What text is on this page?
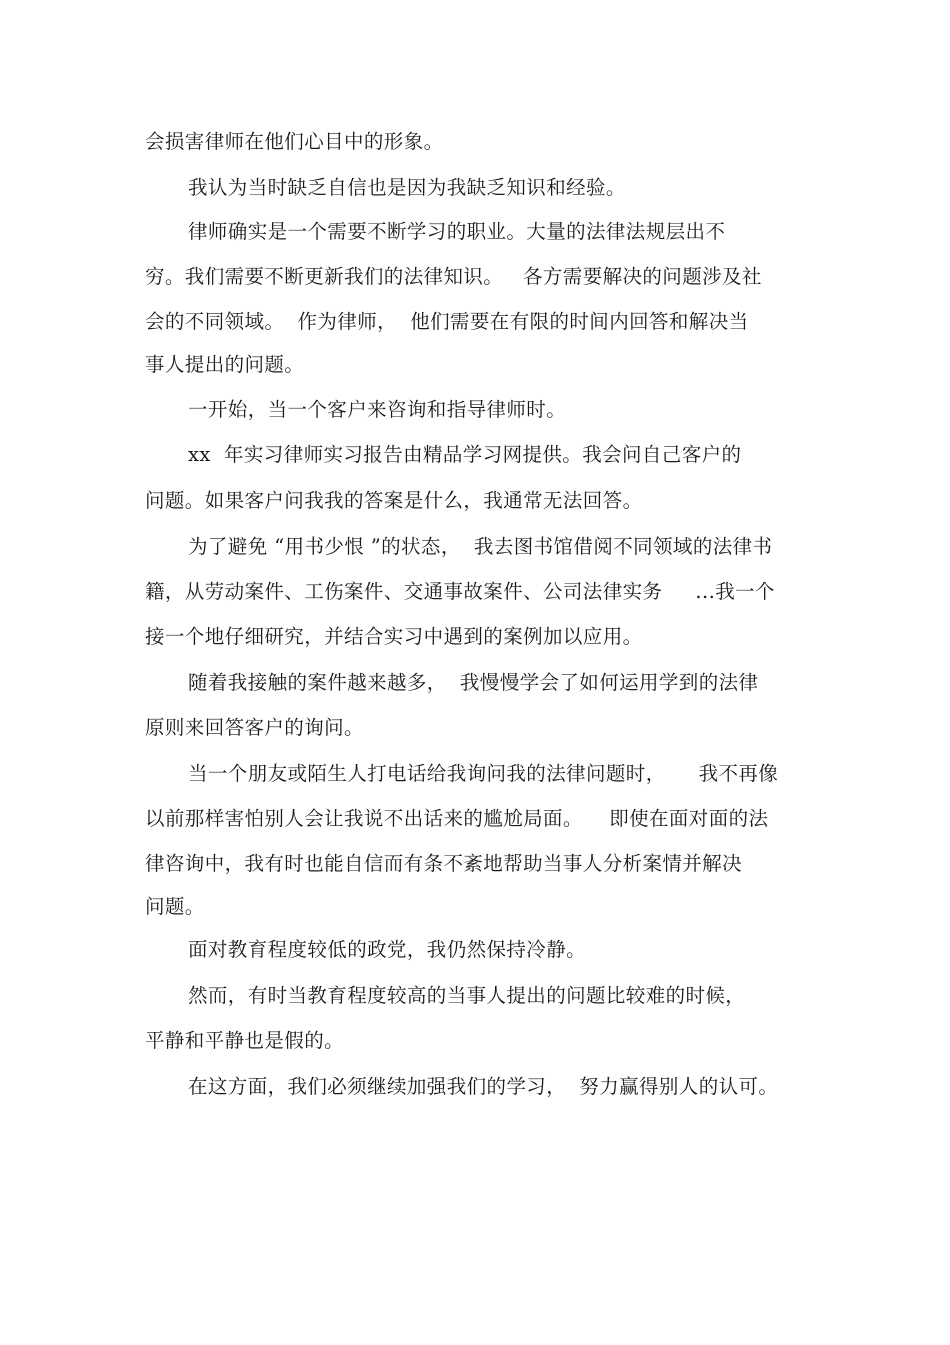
会损害律师在他们心目中的形象。
我认为当时缺乏自信也是因为我缺乏知识和经验。
律师确实是一个需要不断学习的职业。大量的法律法规层出不
穷。我们需要不断更新我们的法律知识。   各方需要解决的问题涉及社
会的不同领域。  作为律师，  他们需要在有限的时间内回答和解决当
事人提出的问题。
一开始，当一个客户来咨询和指导律师时。
xx  年实习律师实习报告由精品学习网提供。我会问自己客户的
问题。如果客户问我我的答案是什么，我通常无法回答。
为了避免 “用书少恨 ”的状态，  我去图书馆借阅不同领域的法律书
籍，从劳动案件、工伤案件、交通事故案件、公司法律实务     ...我一个
接一个地仔细研究，并结合实习中遇到的案例加以应用。
随着我接触的案件越来越多，  我慢慢学会了如何运用学到的法律
原则来回答客户的询问。
当一个朋友或陌生人打电话给我询问我的法律问题时，     我不再像
以前那样害怕别人会让我说不出话来的尴尬局面。    即使在面对面的法
律咨询中，我有时也能自信而有条不紊地帮助当事人分析案情并解决
问题。
面对教育程度较低的政党，我仍然保持冷静。
然而，有时当教育程度较高的当事人提出的问题比较难的时候，
平静和平静也是假的。
在这方面，我们必须继续加强我们的学习，  努力赢得别人的认可。
